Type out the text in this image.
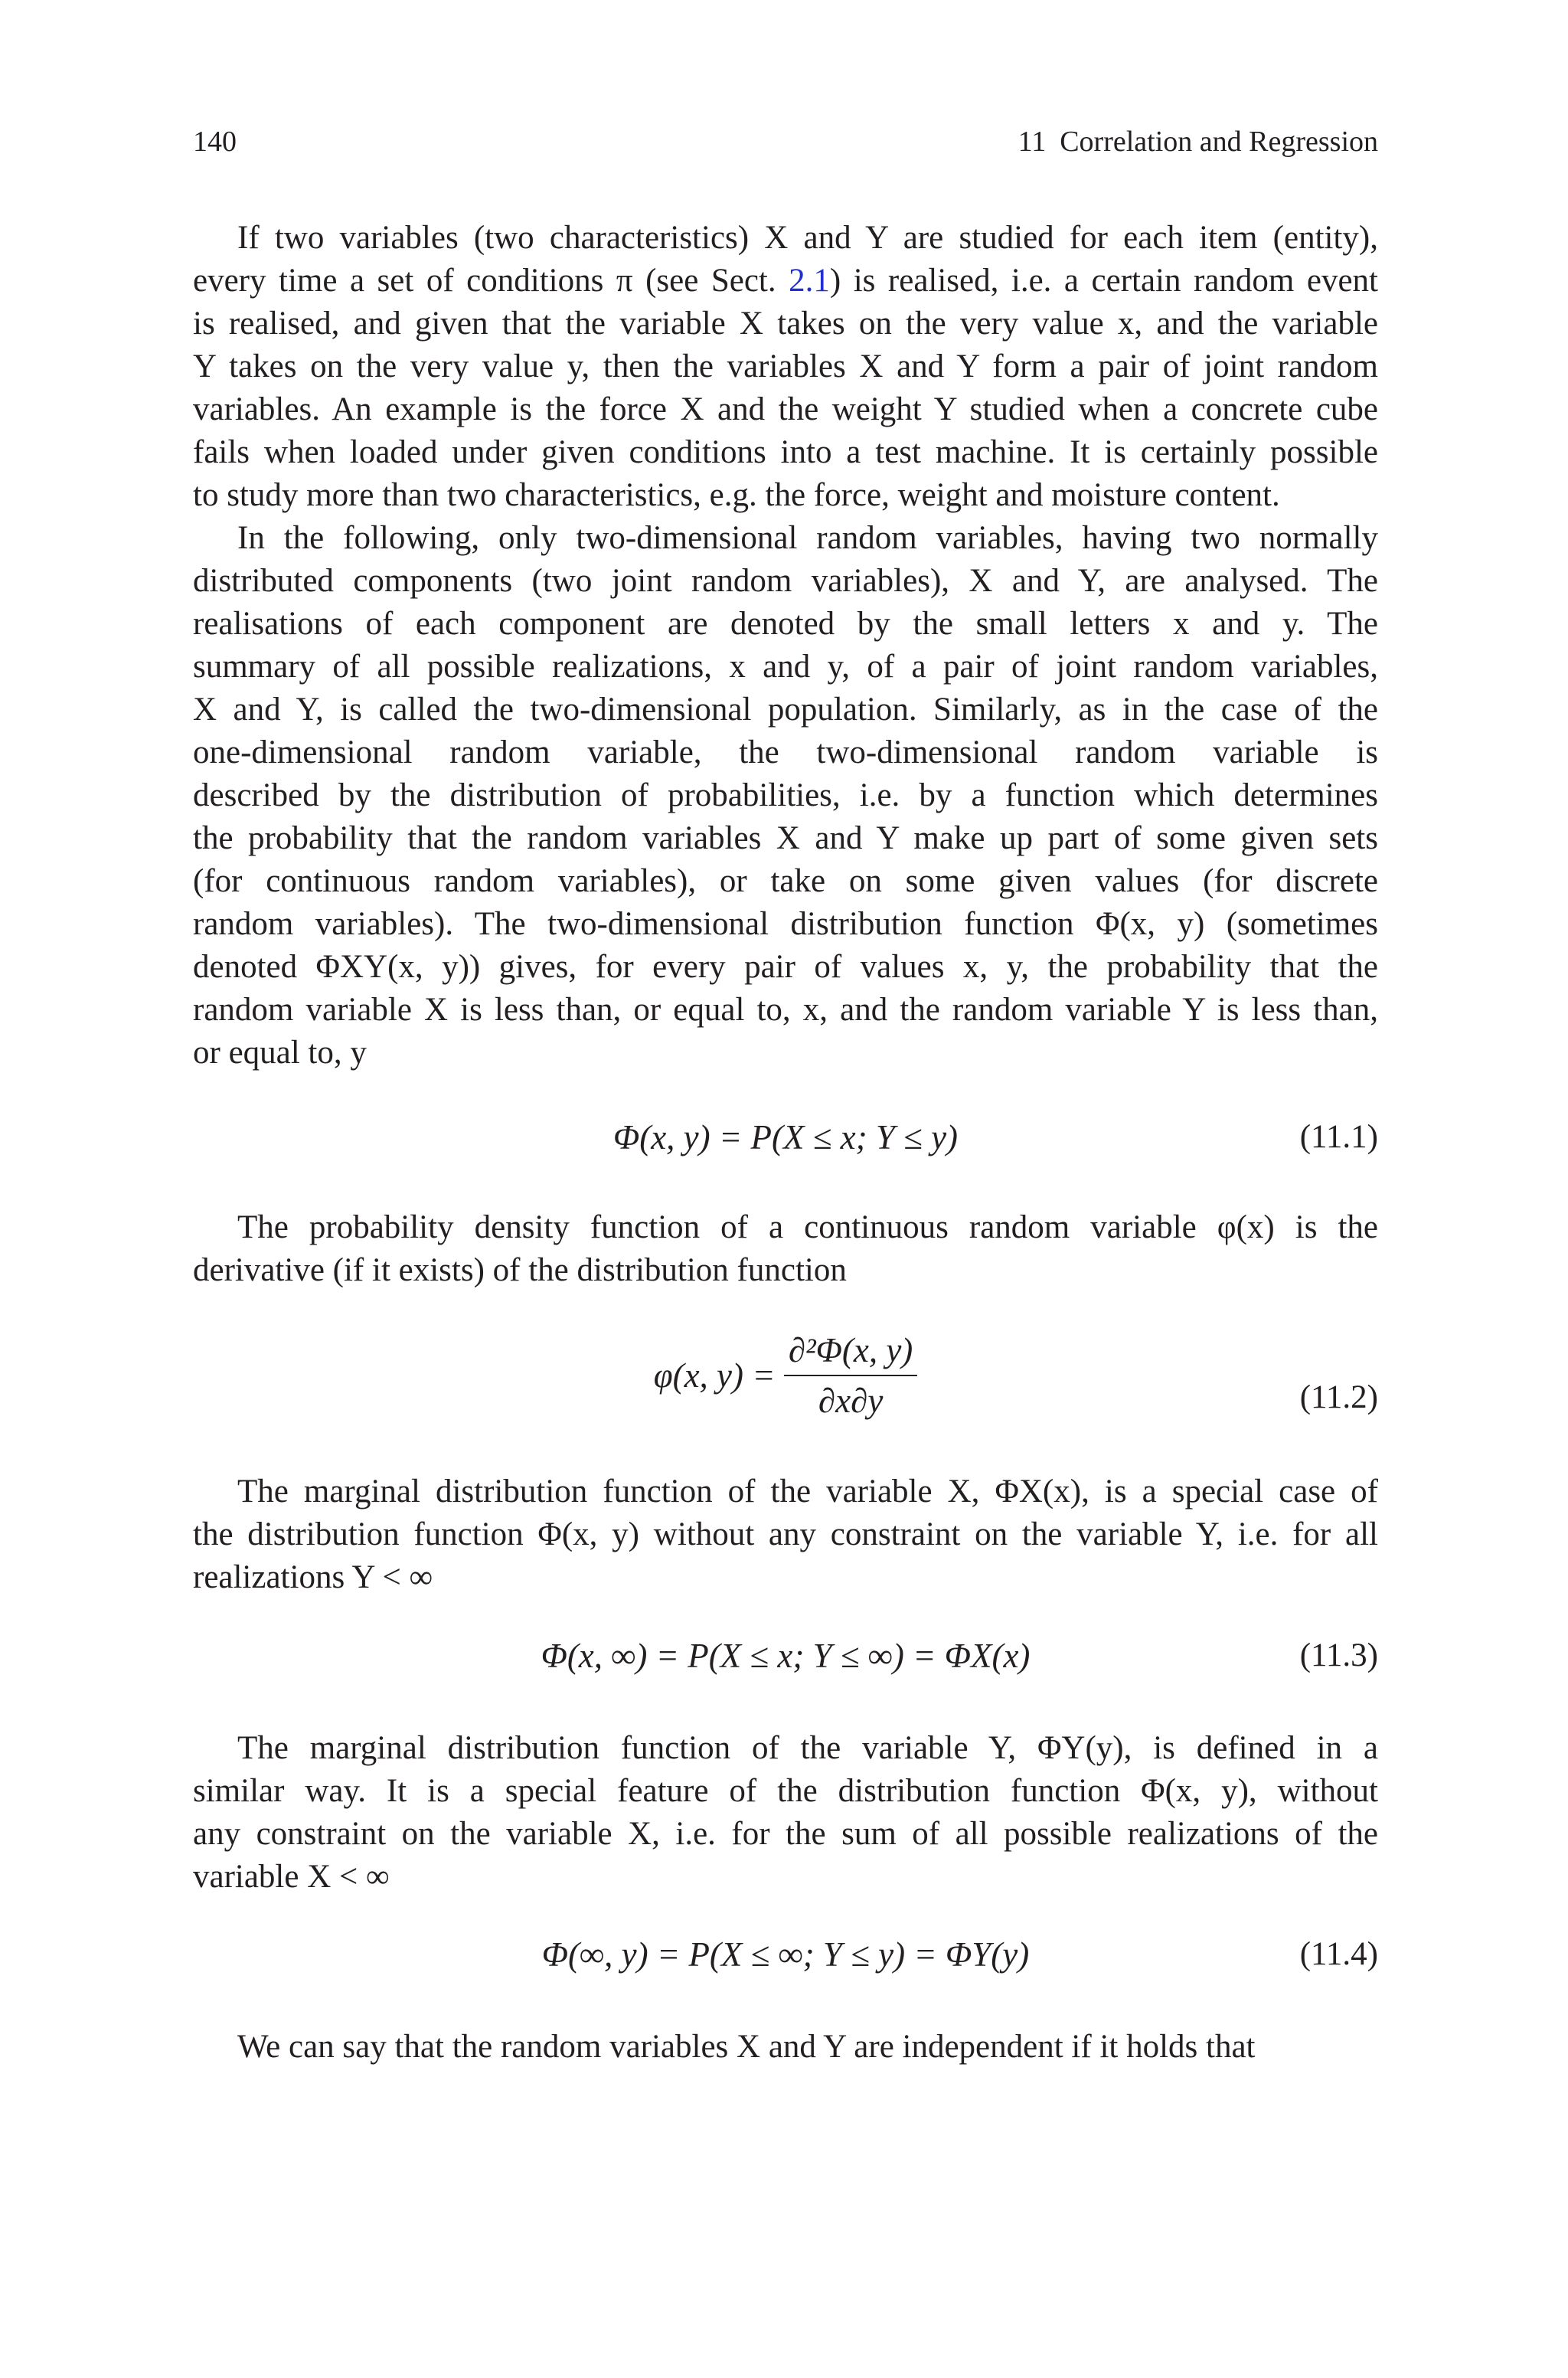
140	11 Correlation and Regression
If two variables (two characteristics) X and Y are studied for each item (entity),
every time a set of conditions π (see Sect. 2.1) is realised, i.e. a certain random event
is realised, and given that the variable X takes on the very value x, and the variable
Y takes on the very value y, then the variables X and Y form a pair of joint random
variables. An example is the force X and the weight Y studied when a concrete cube
fails when loaded under given conditions into a test machine. It is certainly possible
to study more than two characteristics, e.g. the force, weight and moisture content.
In the following, only two-dimensional random variables, having two normally
distributed components (two joint random variables), X and Y, are analysed. The
realisations of each component are denoted by the small letters x and y. The
summary of all possible realizations, x and y, of a pair of joint random variables,
X and Y, is called the two-dimensional population. Similarly, as in the case of the
one-dimensional random variable, the two-dimensional random variable is
described by the distribution of probabilities, i.e. by a function which determines
the probability that the random variables X and Y make up part of some given sets
(for continuous random variables), or take on some given values (for discrete
random variables). The two-dimensional distribution function Φ(x, y) (sometimes
denoted ΦXY(x, y)) gives, for every pair of values x, y, the probability that the
random variable X is less than, or equal to, x, and the random variable Y is less than,
or equal to, y
Φ(x, y) = P(X ≤ x; Y ≤ y)	(11.1)
The probability density function of a continuous random variable φ(x) is the
derivative (if it exists) of the distribution function
φ(x, $y) = \frac{\text{∂²Φ(x, y)}}{\partial x\partial y}$	(11.2)
The marginal distribution function of the variable X, ΦX(x), is a special case of
the distribution function Φ(x, y) without any constraint on the variable Y, i.e. for all
realizations Y < ∞
Φ(x, ∞) = P(X ≤ x; Y ≤ ∞) = ΦX(x)	(11.3)
The marginal distribution function of the variable Y, ΦY(y), is defined in a
similar way. It is a special feature of the distribution function Φ(x, y), without
any constraint on the variable X, i.e. for the sum of all possible realizations of the
variable X < ∞
Φ(∞, y) = P(X ≤ ∞; Y ≤ y) = ΦY(y)	(11.4)
We can say that the random variables X and Y are independent if it holds that
